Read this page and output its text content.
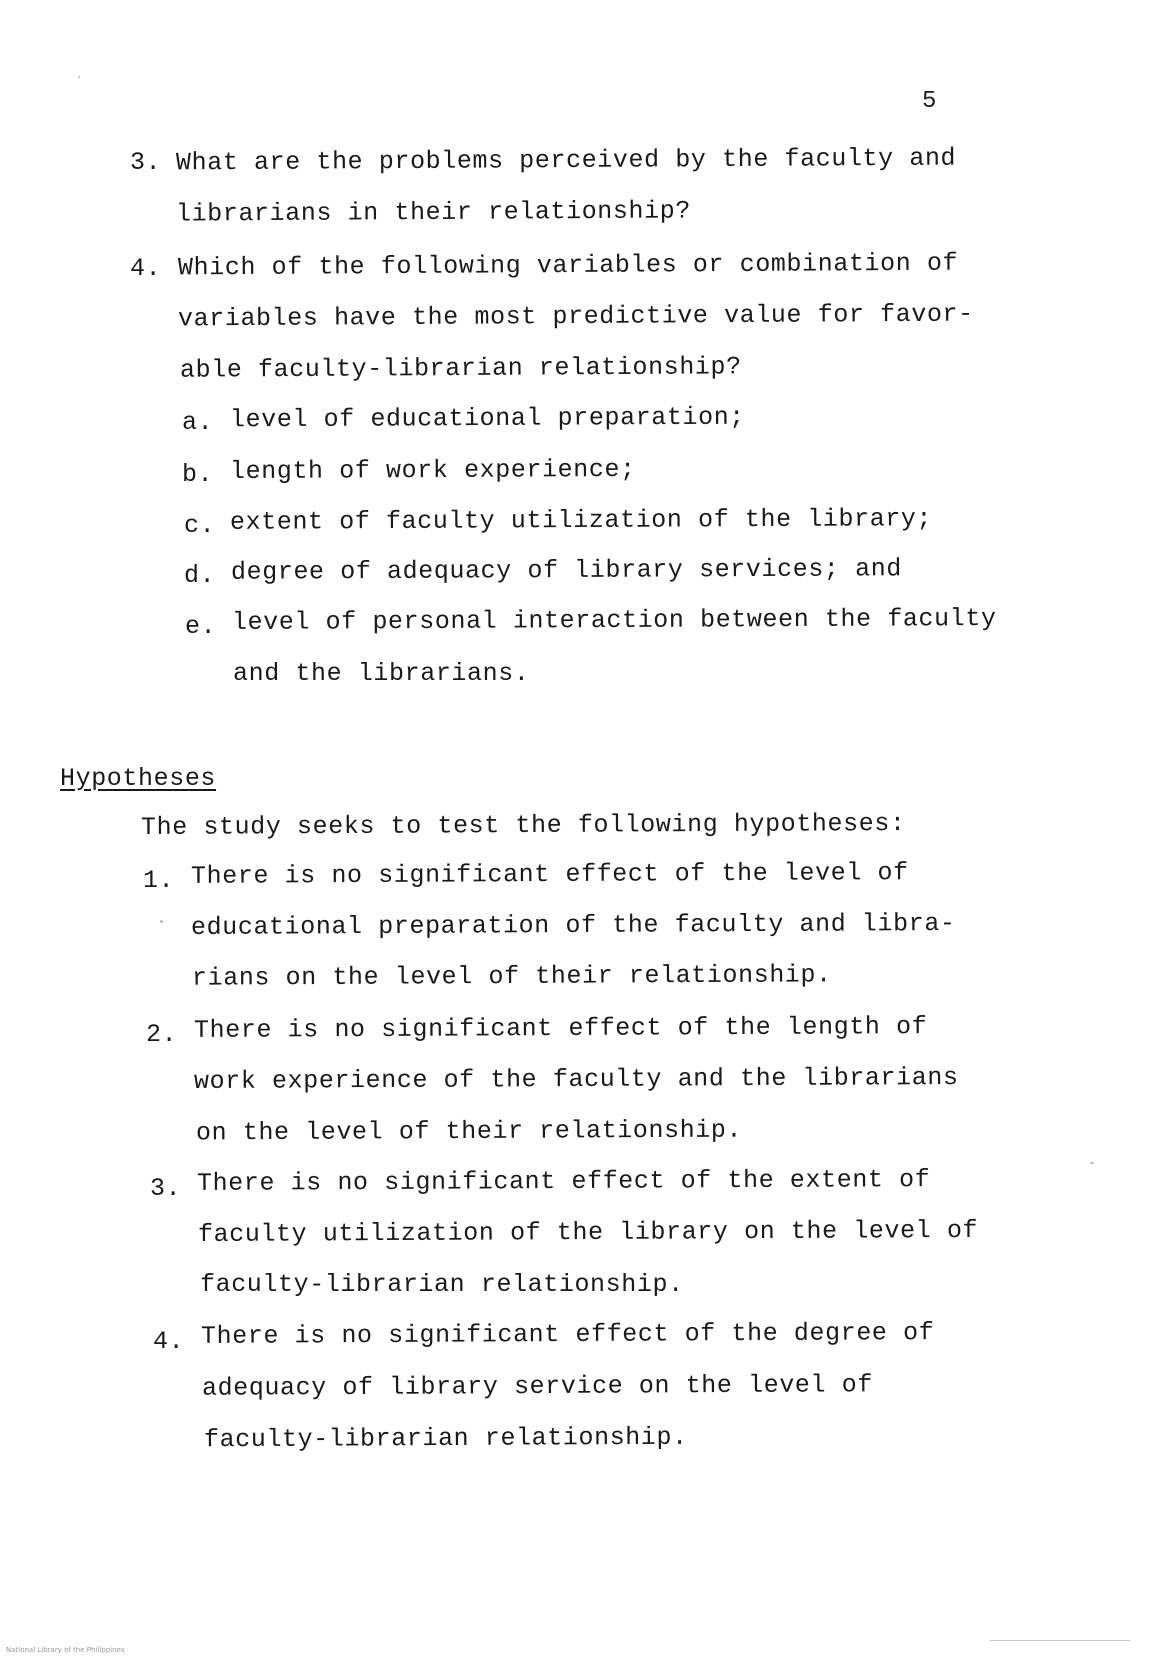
5
3. What are the problems perceived by the faculty and
librarians in their relationship?
4. Which of the following variables or combination of
variables have the most predictive value for favor-
able faculty-librarian relationship?
a. level of educational preparation;
b. length of work experience;
c. extent of faculty utilization of the library;
d. degree of adequacy of library services; and
e. level of personal interaction between the faculty
and the librarians.
Hypotheses
The study seeks to test the following hypotheses:
1. There is no significant effect of the level of
educational preparation of the faculty and libra-
rians on the level of their relationship.
2. There is no significant effect of the length of
work experience of the faculty and the librarians
on the level of their relationship.
3. There is no significant effect of the extent of
faculty utilization of the library on the level of
faculty-librarian relationship.
4. There is no significant effect of the degree of
adequacy of library service on the level of
faculty-librarian relationship.
National Library of the Philippines
